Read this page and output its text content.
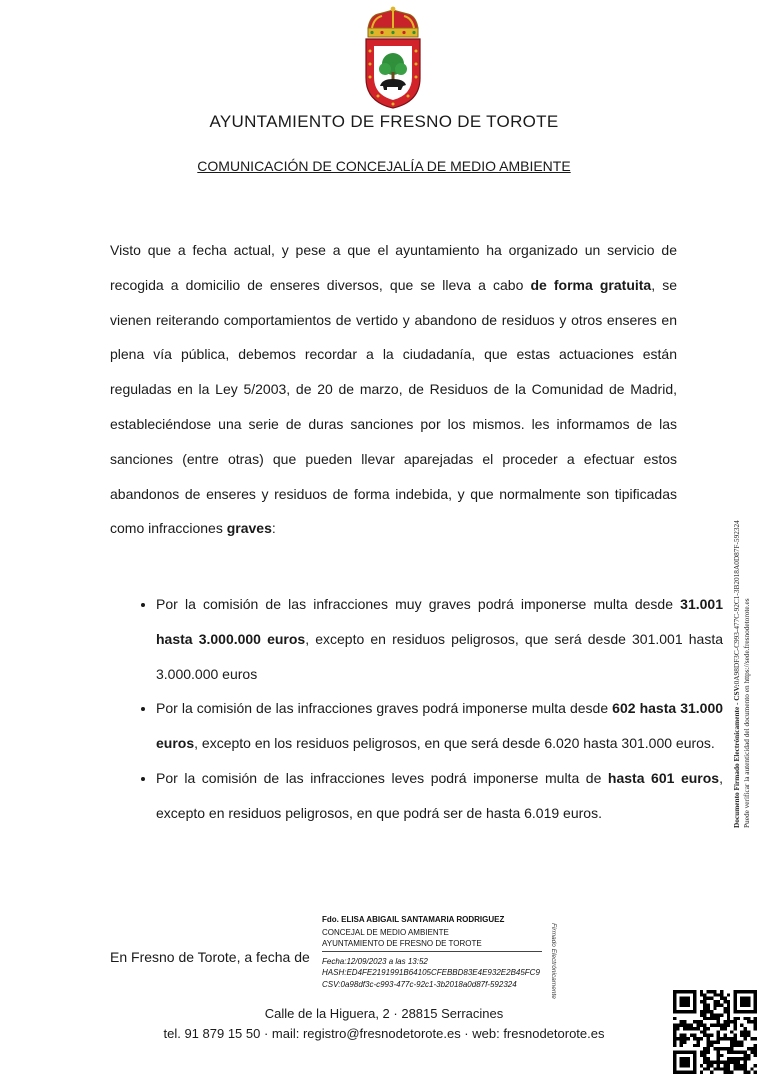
AYUNTAMIENTO DE FRESNO DE TOROTE
COMUNICACIÓN DE CONCEJALÍA DE MEDIO AMBIENTE

Visto que a fecha actual, y pese a que el ayuntamiento ha organizado un servicio de recogida a domicilio de enseres diversos, que se lleva a cabo de forma gratuita, se vienen reiterando comportamientos de vertido y abandono de residuos y otros enseres en plena vía pública, debemos recordar a la ciudadanía, que estas actuaciones están reguladas en la Ley 5/2003, de 20 de marzo, de Residuos de la Comunidad de Madrid, estableciéndose una serie de duras sanciones por los mismos. les informamos de las sanciones (entre otras) que pueden llevar aparejadas el proceder a efectuar estos abandonos de enseres y residuos de forma indebida, y que normalmente son tipificadas como infracciones graves:

• Por la comisión de las infracciones muy graves podrá imponerse multa desde 31.001 hasta 3.000.000 euros, excepto en residuos peligrosos, que será desde 301.001 hasta 3.000.000 euros
• Por la comisión de las infracciones graves podrá imponerse multa desde 602 hasta 31.000 euros, excepto en los residuos peligrosos, en que será desde 6.020 hasta 301.000 euros.
• Por la comisión de las infracciones leves podrá imponerse multa de hasta 601 euros, excepto en residuos peligrosos, en que podrá ser de hasta 6.019 euros.
En Fresno de Torote, a fecha de
Fdo. ELISA ABIGAIL SANTAMARIA RODRIGUEZ
CONCEJAL DE MEDIO AMBIENTE
AYUNTAMIENTO DE FRESNO DE TOROTE
Fecha:12/09/2023 a las 13:52
HASH:ED4FE2191991B64105CFEBBD83E4E932E2B45FC9
CSV:0a98df3c-c993-477c-92c1-3b2018a0d87f-592324	Firmado Electrónicamente
Documento Firmado Electrónicamente - CSV:0A98DF3C-C993-477C-92C1-3B2018A0D87F-592324 Puede verificar la autenticidad del documento en https://sede.fresnodetorote.es
Calle de la Higuera, 2 · 28815 Serracines
tel. 91 879 15 50 · mail: registro@fresnodetorote.es · web: fresnodetorote.es
